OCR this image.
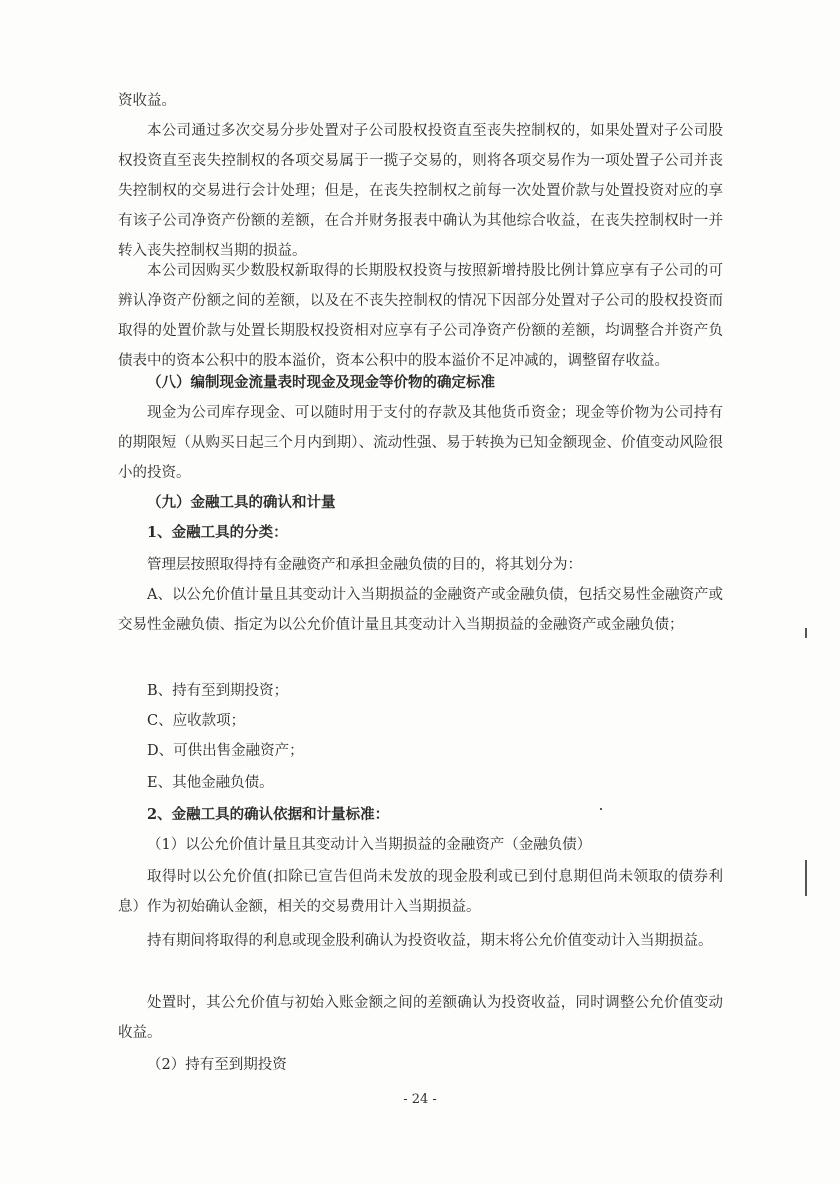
资收益。

本公司通过多次交易分步处置对子公司股权投资直至丧失控制权的，如果处置对子公司股权投资直至丧失控制权的各项交易属于一揽子交易的，则将各项交易作为一项处置子公司并丧失控制权的交易进行会计处理；但是，在丧失控制权之前每一次处置价款与处置投资对应的享有该子公司净资产份额的差额，在合并财务报表中确认为其他综合收益，在丧失控制权时一并转入丧失控制权当期的损益。

本公司因购买少数股权新取得的长期股权投资与按照新增持股比例计算应享有子公司的可辨认净资产份额之间的差额，以及在不丧失控制权的情况下因部分处置对子公司的股权投资而取得的处置价款与处置长期股权投资相对应享有子公司净资产份额的差额，均调整合并资产负债表中的资本公积中的股本溢价，资本公积中的股本溢价不足冲减的，调整留存收益。

（八）编制现金流量表时现金及现金等价物的确定标准

现金为公司库存现金、可以随时用于支付的存款及其他货币资金；现金等价物为公司持有的期限短（从购买日起三个月内到期）、流动性强、易于转换为已知金额现金、价值变动风险很小的投资。

（九）金融工具的确认和计量

1、金融工具的分类：

管理层按照取得持有金融资产和承担金融负债的目的，将其划分为：

A、以公允价值计量且其变动计入当期损益的金融资产或金融负债，包括交易性金融资产或交易性金融负债、指定为以公允价值计量且其变动计入当期损益的金融资产或金融负债；

B、持有至到期投资；

C、应收款项；

D、可供出售金融资产；

E、其他金融负债。

2、金融工具的确认依据和计量标准：

（1）以公允价值计量且其变动计入当期损益的金融资产（金融负债）

取得时以公允价值(扣除已宣告但尚未发放的现金股利或已到付息期但尚未领取的债券利息）作为初始确认金额，相关的交易费用计入当期损益。

持有期间将取得的利息或现金股利确认为投资收益，期末将公允价值变动计入当期损益。

处置时，其公允价值与初始入账金额之间的差额确认为投资收益，同时调整公允价值变动收益。

（2）持有至到期投资

- 24 -
